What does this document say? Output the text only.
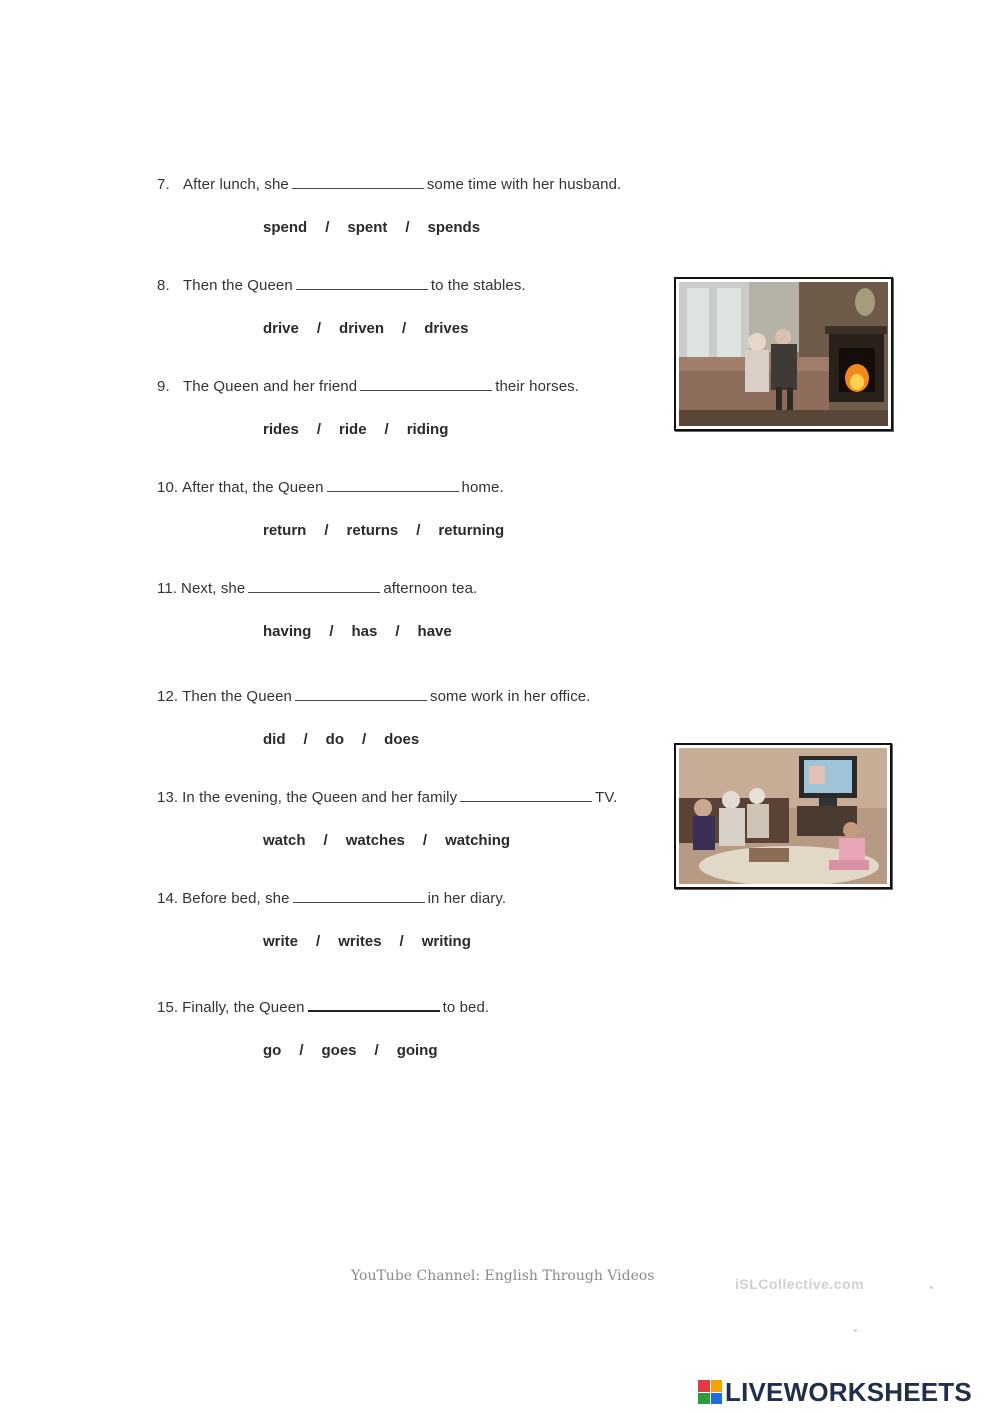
7. After lunch, she	some time with her husband.
spend / spent / spends
8. Then the Queen	to the stables.
drive / driven / drives
9. The Queen and her friend	their horses.
rides / ride / riding
10. After that, the Queen	home.
return / returns / returning
11. Next, she	afternoon tea.
having / has / have
12. Then the Queen	some work in her office.
did / do / does
13. In the evening, the Queen and her family	TV.
watch / watches / watching
14. Before bed, she	in her diary.
write / writes / writing
15. Finally, the Queen	to bed.
go / goes / going
YouTube Channel: English Through Videos	iSLCollective.com
LIVEWORKSHEETS
